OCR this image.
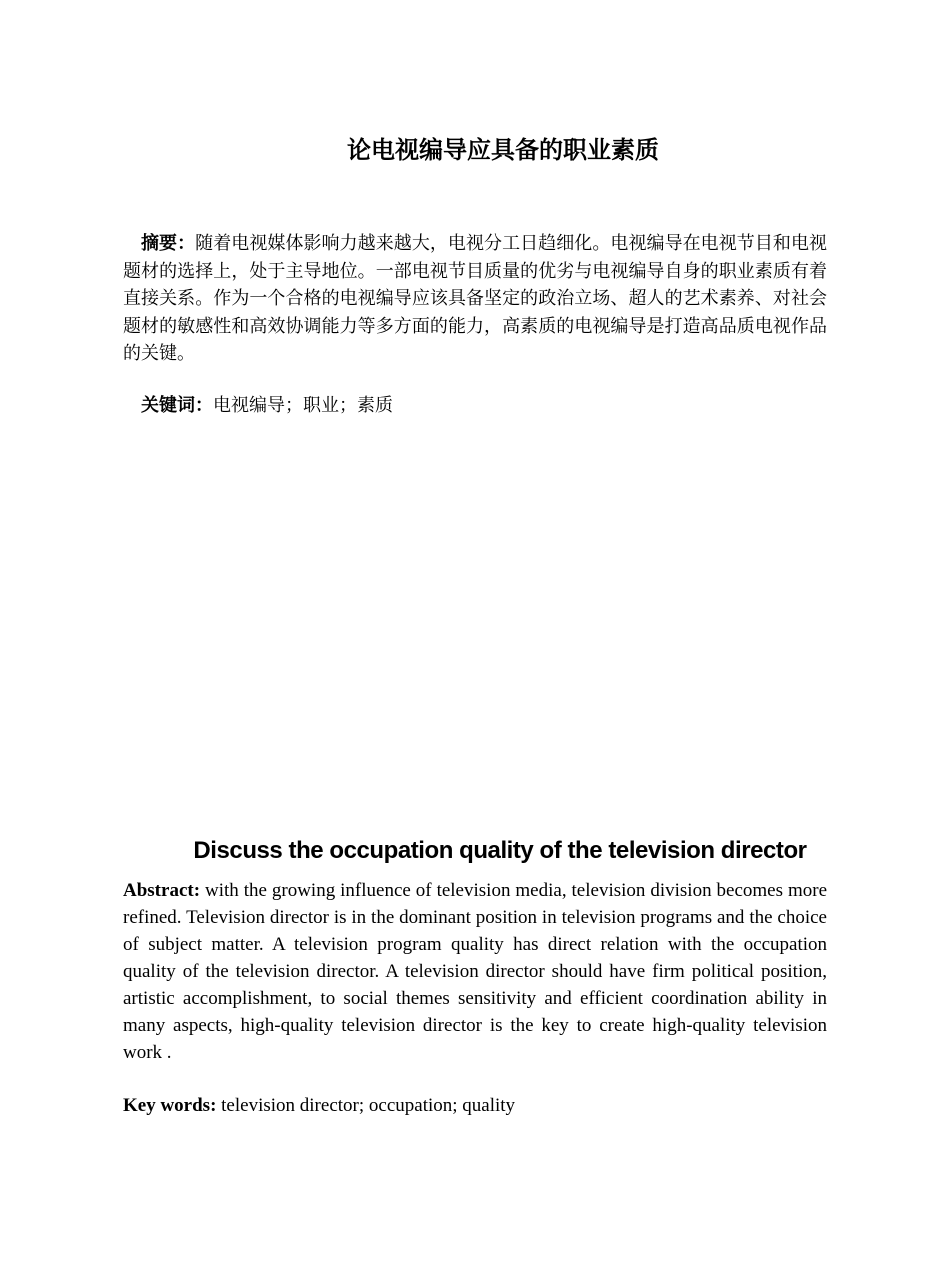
论电视编导应具备的职业素质

摘要：随着电视媒体影响力越来越大，电视分工日趋细化。电视编导在电视节目和电视题材的选择上，处于主导地位。一部电视节目质量的优劣与电视编导自身的职业素质有着直接关系。作为一个合格的电视编导应该具备坚定的政治立场、超人的艺术素养、对社会题材的敏感性和高效协调能力等多方面的能力，高素质的电视编导是打造高品质电视作品的关键。

关键词：电视编导；职业；素质

Discuss the occupation quality of the television director

Abstract: with the growing influence of television media, television division becomes more refined. Television director is in the dominant position in television programs and the choice of subject matter. A television program quality has direct relation with the occupation quality of the television director. A television director should have firm political position, artistic accomplishment, to social themes sensitivity and efficient coordination ability in many aspects, high-quality television director is the key to create high-quality television work .

Key words: television director; occupation; quality
